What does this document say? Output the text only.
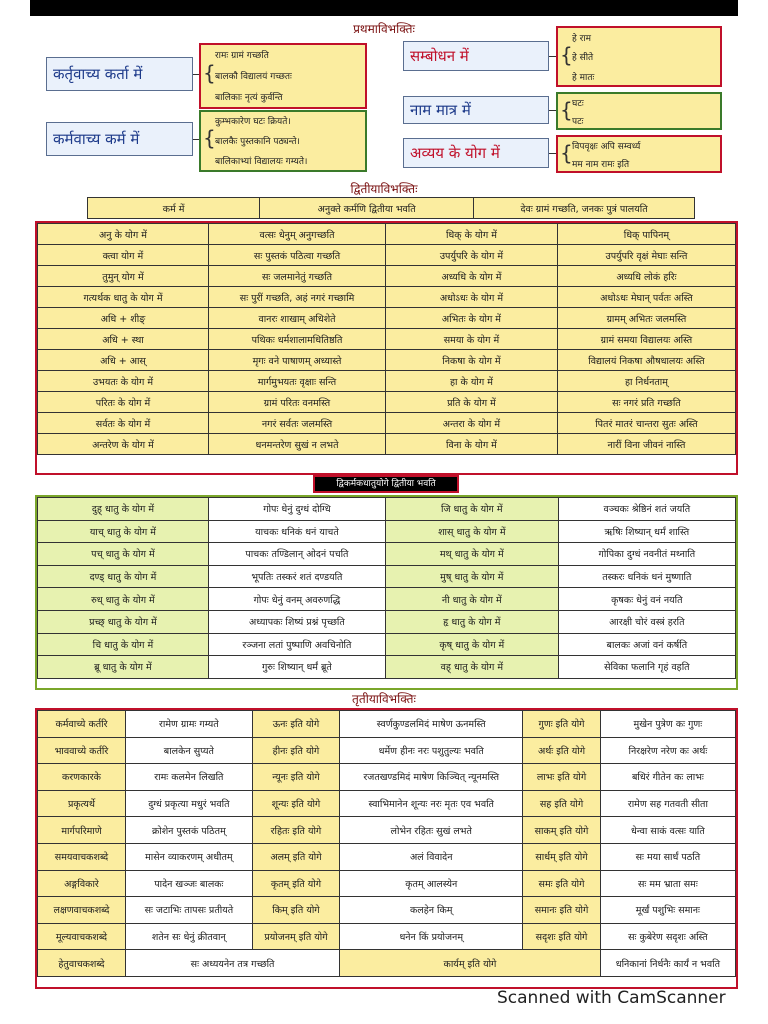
प्रथमाविभक्तिः
कर्तृवाच्य कर्ता में	{
रामः ग्रामं गच्छति
बालकौ विद्यालयं गच्छतः
बालिकाः नृत्यं कुर्वन्ति
कर्मवाच्य कर्म में	{
कुम्भकारेण घटः क्रियते।
बालकैः पुस्तकानि पठ्यन्ते।
बालिकाभ्यां विद्यालयः गम्यते।
सम्बोधन में	{
हे राम
हे सीते
हे मातः
नाम मात्र में	{ घटः
पटः
अव्यय के योग में	{ विपवृक्षः अपि सम्वर्ध्य
मम नाम रामः इति
द्वितीयाविभक्तिः
कर्म में	अनुक्ते कर्मणि द्वितीया भवति	देवः ग्रामं गच्छति, जनकः पुत्रं पालयति
अनु के योग में	वत्सः धेनुम् अनुगच्छति	धिक् के योग में	धिक् पापिनम्
क्त्वा योग में	सः पुस्तकं पठित्वा गच्छति	उपर्युपरि के योग में	उपर्युपरि वृक्षं मेघाः सन्ति
तुमुन् योग में	सः जलमानेतुं गच्छति	अध्यधि के योग में	अध्यधि लोकं हरिः
गत्यर्थक धातु के योग में	सः पुरीं गच्छति, अहं नगरं गच्छामि	अधोऽधः के योग में	अधोऽधः मेघान् पर्वतः अस्ति
अधि + शीङ्	वानरः शाखाम् अधिशेते	अभितः के योग में	ग्रामम् अभितः जलमस्ति
अधि + स्था	पथिकः धर्मशालामधितिष्ठति	समया के योग में	ग्रामं समया विद्यालयः अस्ति
अधि + आस्	मृगः वने पाषाणम् अध्यास्ते	निकषा के योग में	विद्यालयं निकषा औषधालयः अस्ति
उभयतः के योग में	मार्गमुभयतः वृक्षाः सन्ति	हा के योग में	हा निर्धनताम्
परितः के योग में	ग्रामं परितः वनमस्ति	प्रति के योग में	सः नगरं प्रति गच्छति
सर्वतः के योग में	नगरं सर्वतः जलमस्ति	अन्तरा के योग में	पितरं मातरं चान्तरा सुतः अस्ति
अन्तरेण के योग में	धनमन्तरेण सुखं न लभते	विना के योग में	नारीं विना जीवनं नास्ति
द्विकर्मकधातुयोगे द्वितीया भवति
दुह् धातु के योग में	गोपः धेनुं दुग्धं दोग्धि	जि धातु के योग में	वञ्चकः श्रेष्ठिनं शतं जयति
याच् धातु के योग में	याचकः धनिकं धनं याचते	शास् धातु के योग में	ऋषिः शिष्यान् धर्मं शास्ति
पच् धातु के योग में	पाचकः तण्डिलान् ओदनं पचति	मथ् धातु के योग में	गोपिका दुग्धं नवनीतं मथ्नाति
दण्ड् धातु के योग में	भूपतिः तस्करं शतं दण्डयति	मुष् धातु के योग में	तस्करः धनिकं धनं मुष्णाति
रुध् धातु के योग में	गोपः धेनुं वनम् अवरुणद्धि	नी धातु के योग में	कृषकः धेनुं वनं नयति
प्रच्छ् धातु के योग में	अध्यापकः शिष्यं प्रश्नं पृच्छति	हृ धातु के योग में	आरक्षी चोरं वस्त्रं हरति
चि धातु के योग में	रञ्जना लतां पुष्पाणि अवचिनोति	कृष् धातु के योग में	बालकः अजां वनं कर्षति
ब्रू धातु के योग में	गुरुः शिष्यान् धर्मं ब्रूते	वह् धातु के योग में	सेविका फलानि गृहं वहति
तृतीयाविभक्तिः
कर्मवाच्ये कर्तरि	रामेण ग्रामः गम्यते	ऊनः इति योगे	स्वर्णकुण्डलमिदं माषेण ऊनमस्ति	गुणः इति योगे	मुखेन पुत्रेण कः गुणः
भाववाच्ये कर्तरि	बालकेन सुप्यते	हीनः इति योगे	धर्मेण हीनः नरः पशुतुल्यः भवति	अर्थः इति योगे	निरक्षरेण नरेण कः अर्थः
करणकारके	रामः कलमेन लिखति	न्यूनः इति योगे	रजतखण्डमिदं माषेण किञ्चित् न्यूनमस्ति	लाभः इति योगे	बधिरं गीतेन कः लाभः
प्रकृत्यर्थे	दुग्धं प्रकृत्या मधुरं भवति	शून्यः इति योगे	स्वाभिमानेन शून्यः नरः मृतः एव भवति	सह इति योगे	रामेण सह गतवती सीता
मार्गपरिमाणे	क्रोशेन पुस्तकं पठितम्	रहितः इति योगे	लोभेन रहितः सुखं लभते	साकम् इति योगे	धेन्वा साकं वत्सः याति
समयवाचकशब्दे	मासेन व्याकरणम् अधीतम्	अलम् इति योगे	अलं विवादेन	सार्धम् इति योगे	सः मया सार्धं पठति
अङ्गविकारे	पादेन खञ्जः बालकः	कृतम् इति योगे	कृतम् आलस्येन	समः इति योगे	सः मम भ्राता समः
लक्षणवाचकशब्दे	सः जटाभिः तापसः प्रतीयते	किम् इति योगे	कलहेन किम्	समानः इति योगे	मूर्खं पशुभिः समानः
मूल्यवाचकशब्दे	शतेन सः धेनुं क्रीतवान्	प्रयोजनम् इति योगे	धनेन किं प्रयोजनम्	सदृशः इति योगे	सः कुबेरेण सदृशः अस्ति
हेतुवाचकशब्दे	सः अध्ययनेन तत्र गच्छति		कार्यम् इति योगे		धनिकानां निर्धनैः कार्यं न भवति
Scanned with CamScanner
